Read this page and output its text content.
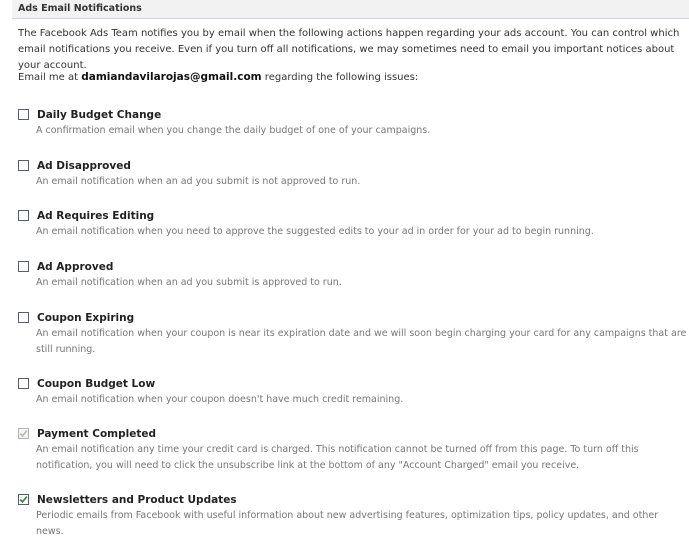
Ads Email Notifications
The Facebook Ads Team notifies you by email when the following actions happen regarding your ads account. You can control which email notifications you receive. Even if you turn off all notifications, we may sometimes need to email you important notices about your account.
Email me at damiandavilarojas@gmail.com regarding the following issues:
Daily Budget Change
A confirmation email when you change the daily budget of one of your campaigns.
Ad Disapproved
An email notification when an ad you submit is not approved to run.
Ad Requires Editing
An email notification when you need to approve the suggested edits to your ad in order for your ad to begin running.
Ad Approved
An email notification when an ad you submit is approved to run.
Coupon Expiring
An email notification when your coupon is near its expiration date and we will soon begin charging your card for any campaigns that are still running.
Coupon Budget Low
An email notification when your coupon doesn't have much credit remaining.
Payment Completed
An email notification any time your credit card is charged. This notification cannot be turned off from this page. To turn off this notification, you will need to click the unsubscribe link at the bottom of any "Account Charged" email you receive.
Newsletters and Product Updates
Periodic emails from Facebook with useful information about new advertising features, optimization tips, policy updates, and other news.
